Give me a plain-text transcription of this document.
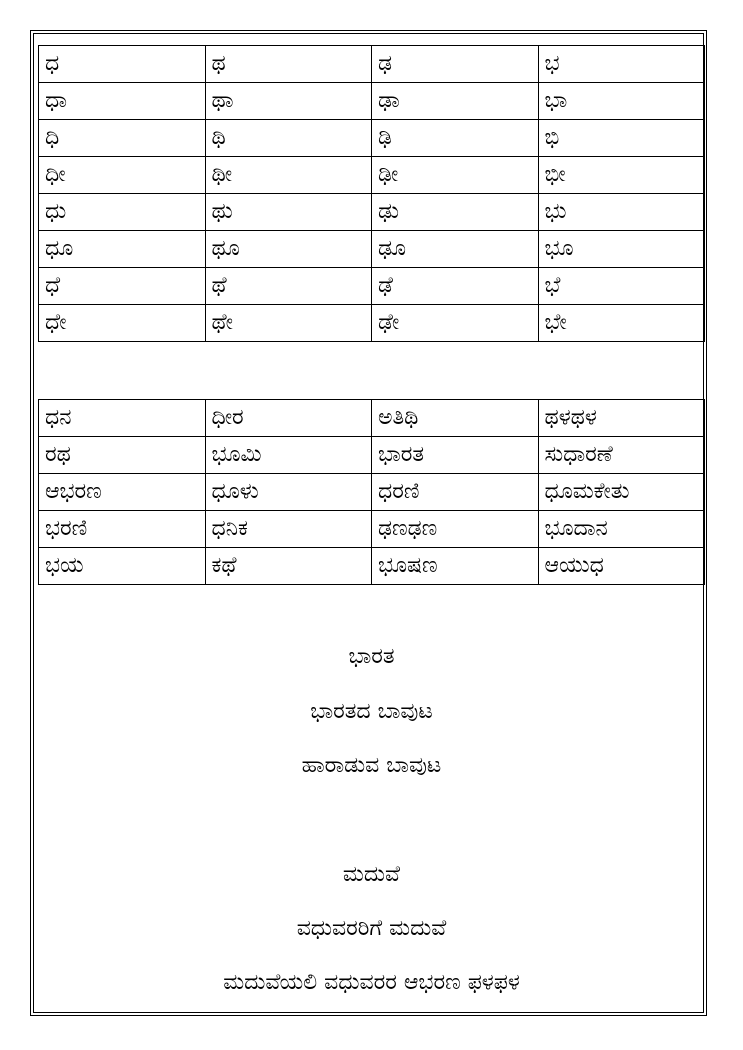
ಧ	ಥ	ಢ	ಭ
ಧಾ	ಥಾ	ಢಾ	ಭಾ
ಧಿ	ಥಿ	ಢಿ	ಭಿ
ಧೀ	ಥೀ	ಢೀ	ಭೀ
ಧು	ಥು	ಢು	ಭು
ಧೂ	ಥೂ	ಢೂ	ಭೂ
ಧೆ	ಥೆ	ಢೆ	ಭೆ
ಧೇ	ಥೇ	ಢೇ	ಭೇ
ಧನ	ಧೀರ	ಅತಿಥಿ	ಥಳಥಳ
ರಥ	ಭೂಮಿ	ಭಾರತ	ಸುಧಾರಣೆ
ಆಭರಣ	ಧೂಳು	ಧರಣಿ	ಧೂಮಕೇತು
ಭರಣಿ	ಧನಿಕ	ಢಣಢಣ	ಭೂದಾನ
ಭಯ	ಕಥೆ	ಭೂಷಣ	ಆಯುಧ
ಭಾರತ
ಭಾರತದ ಬಾವುಟ
ಹಾರಾಡುವ ಬಾವುಟ
ಮದುವೆ
ವಧುವರರಿಗೆ ಮದುವೆ
ಮದುವೆಯಲಿ ವಧುವರರ ಆಭರಣ ಫಳಫಳ
